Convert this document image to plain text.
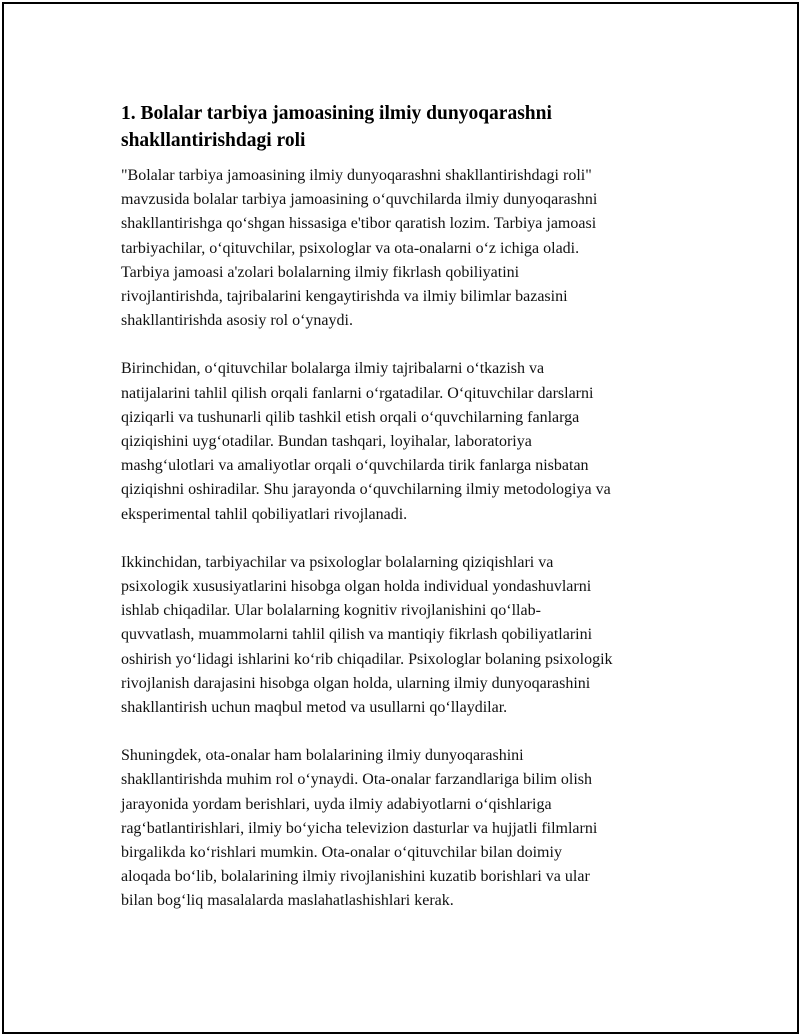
1. Bolalar tarbiya jamoasining ilmiy dunyoqarashni
shakllantirishdagi roli

"Bolalar tarbiya jamoasining ilmiy dunyoqarashni shakllantirishdagi roli"
mavzusida bolalar tarbiya jamoasining oʻquvchilarda ilmiy dunyoqarashni
shakllantirishga qoʻshgan hissasiga e'tibor qaratish lozim. Tarbiya jamoasi
tarbiyachilar, oʻqituvchilar, psixologlar va ota-onalarni oʻz ichiga oladi.
Tarbiya jamoasi a'zolari bolalarning ilmiy fikrlash qobiliyatini
rivojlantirishda, tajribalarini kengaytirishda va ilmiy bilimlar bazasini
shakllantirishda asosiy rol oʻynaydi.

Birinchidan, oʻqituvchilar bolalarga ilmiy tajribalarni oʻtkazish va
natijalarini tahlil qilish orqali fanlarni oʻrgatadilar. Oʻqituvchilar darslarni
qiziqarli va tushunarli qilib tashkil etish orqali oʻquvchilarning fanlarga
qiziqishini uygʻotadilar. Bundan tashqari, loyihalar, laboratoriya
mashgʻulotlari va amaliyotlar orqali oʻquvchilarda tirik fanlarga nisbatan
qiziqishni oshiradilar. Shu jarayonda oʻquvchilarning ilmiy metodologiya va
eksperimental tahlil qobiliyatlari rivojlanadi.

Ikkinchidan, tarbiyachilar va psixologlar bolalarning qiziqishlari va
psixologik xususiyatlarini hisobga olgan holda individual yondashuvlarni
ishlab chiqadilar. Ular bolalarning kognitiv rivojlanishini qoʻllab-
quvvatlash, muammolarni tahlil qilish va mantiqiy fikrlash qobiliyatlarini
oshirish yoʻlidagi ishlarini koʻrib chiqadilar. Psixologlar bolaning psixologik
rivojlanish darajasini hisobga olgan holda, ularning ilmiy dunyoqarashini
shakllantirish uchun maqbul metod va usullarni qoʻllaydilar.

Shuningdek, ota-onalar ham bolalarining ilmiy dunyoqarashini
shakllantirishda muhim rol oʻynaydi. Ota-onalar farzandlariga bilim olish
jarayonida yordam berishlari, uyda ilmiy adabiyotlarni oʻqishlariga
ragʻbatlantirishlari, ilmiy boʻyicha televizion dasturlar va hujjatli filmlarni
birgalikda koʻrishlari mumkin. Ota-onalar oʻqituvchilar bilan doimiy
aloqada boʻlib, bolalarining ilmiy rivojlanishini kuzatib borishlari va ular
bilan bogʻliq masalalarda maslahatlashishlari kerak.
